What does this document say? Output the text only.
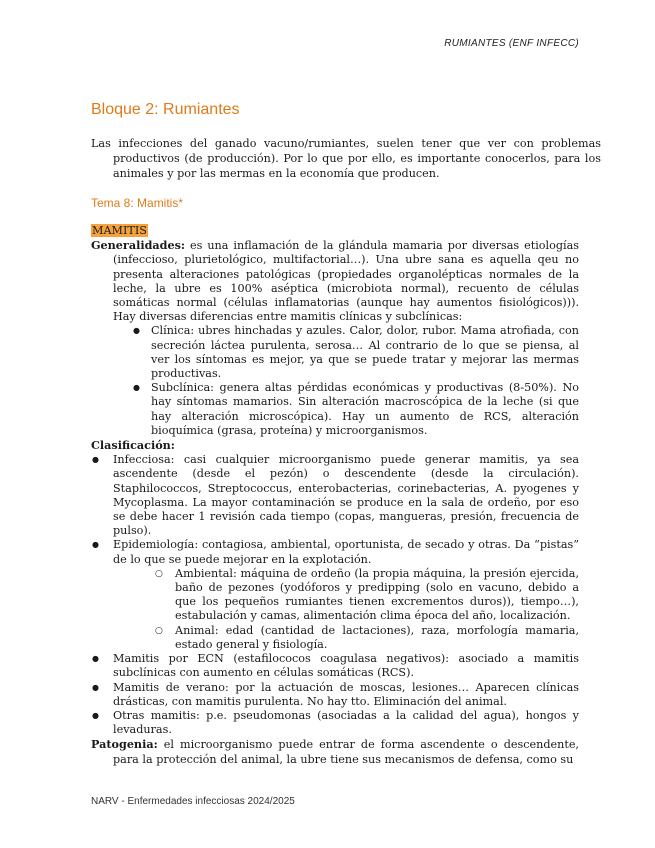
RUMIANTES (ENF INFECC)
Bloque 2: Rumiantes

Las infecciones del ganado vacuno/rumiantes, suelen tener que ver con problemas productivos (de producción). Por lo que por ello, es importante conocerlos, para los animales y por las mermas en la economía que producen.

Tema 8: Mamitis*
MAMITIS

Generalidades: es una inflamación de la glándula mamaria por diversas etiologías (infeccioso, plurietológico, multifactorial…). Una ubre sana es aquella qeu no presenta alteraciones patológicas (propiedades organolépticas normales de la leche, la ubre es 100% aséptica (microbiota normal), recuento de células somáticas normal (células inflamatorias (aunque hay aumentos fisiológicos))). Hay diversas diferencias entre mamitis clínicas y subclínicas:

● Clínica: ubres hinchadas y azules. Calor, dolor, rubor. Mama atrofiada, con secreción láctea purulenta, serosa… Al contrario de lo que se piensa, al ver los síntomas es mejor, ya que se puede tratar y mejorar las mermas productivas.
● Subclínica: genera altas pérdidas económicas y productivas (8-50%). No hay síntomas mamarios. Sin alteración macroscópica de la leche (si que hay alteración microscópica). Hay un aumento de RCS, alteración bioquímica (grasa, proteína) y microorganismos.
Clasificación:
● Infecciosa: casi cualquier microorganismo puede generar mamitis, ya sea ascendente (desde el pezón) o descendente (desde la circulación). Staphilococcos, Streptococcus, enterobacterias, corinebacterias, A. pyogenes y Mycoplasma. La mayor contaminación se produce en la sala de ordeño, por eso se debe hacer 1 revisión cada tiempo (copas, mangueras, presión, frecuencia de pulso).
● Epidemiología: contagiosa, ambiental, oportunista, de secado y otras. Da “pistas” de lo que se puede mejorar en la explotación.
○ Ambiental: máquina de ordeño (la propia máquina, la presión ejercida, baño de pezones (yodóforos y predipping (solo en vacuno, debido a que los pequeños rumiantes tienen excrementos duros)), tiempo…), estabulación y camas, alimentación clima época del año, localización.
○ Animal: edad (cantidad de lactaciones), raza, morfología mamaria, estado general y fisiología.
● Mamitis por ECN (estafilococos coagulasa negativos): asociado a mamitis subclínicas con aumento en células somáticas (RCS).
● Mamitis de verano: por la actuación de moscas, lesiones… Aparecen clínicas drásticas, con mamitis purulenta. No hay tto. Eliminación del animal.
● Otras mamitis: p.e. pseudomonas (asociadas a la calidad del agua), hongos y levaduras.

Patogenia: el microorganismo puede entrar de forma ascendente o descendente, para la protección del animal, la ubre tiene sus mecanismos de defensa, como su

NARV - Enfermedades infecciosas 2024/2025
